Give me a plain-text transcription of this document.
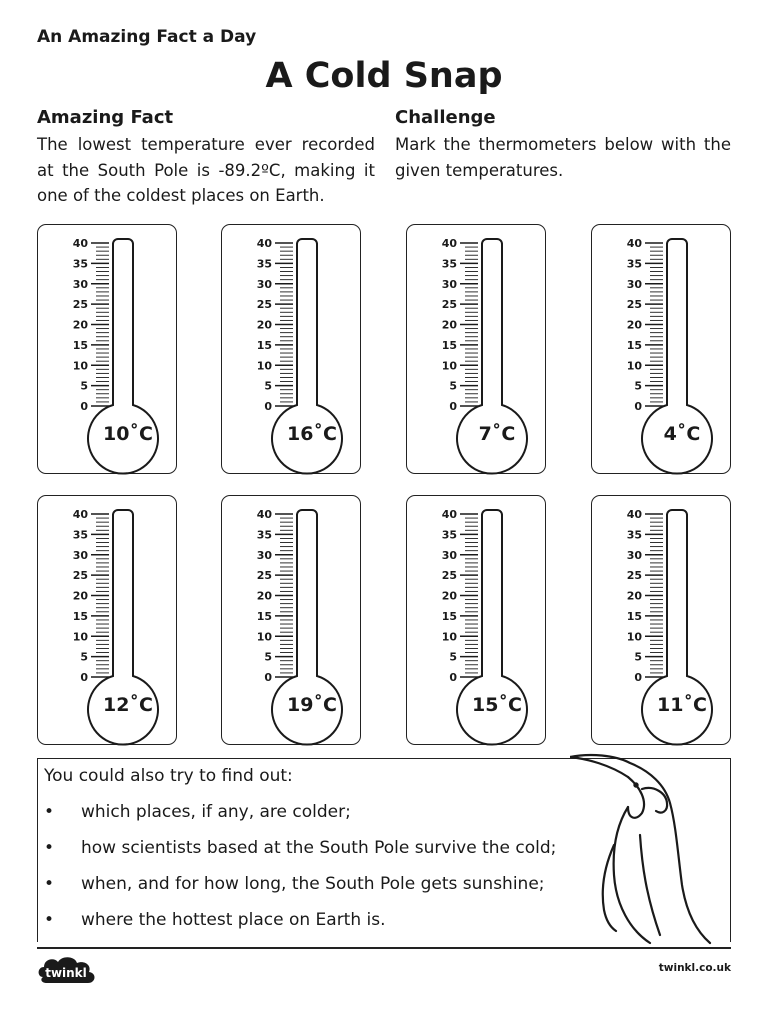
An Amazing Fact a Day
A Cold Snap
Amazing Fact

The lowest temperature ever recorded at the South Pole is -89.2ºC, making it one of the coldest places on Earth.

Challenge

Mark the thermometers below with the given temperatures.

40
35
30
25
20
15
10
5
0
10˚C
40
35
30
25
20
15
10
5
0
16˚C
40
35
30
25
20
15
10
5
0
7˚C
40
35
30
25
20
15
10
5
0
4˚C
40
35
30
25
20
15
10
5
0
12˚C
40
35
30
25
20
15
10
5
0
19˚C
40
35
30
25
20
15
10
5
0
15˚C
40
35
30
25
20
15
10
5
0
11˚C
You could also try to find out:
• which places, if any, are colder;
• how scientists based at the South Pole survive the cold;
• when, and for how long, the South Pole gets sunshine;
• where the hottest place on Earth is.
twinkl	twinkl.co.uk
